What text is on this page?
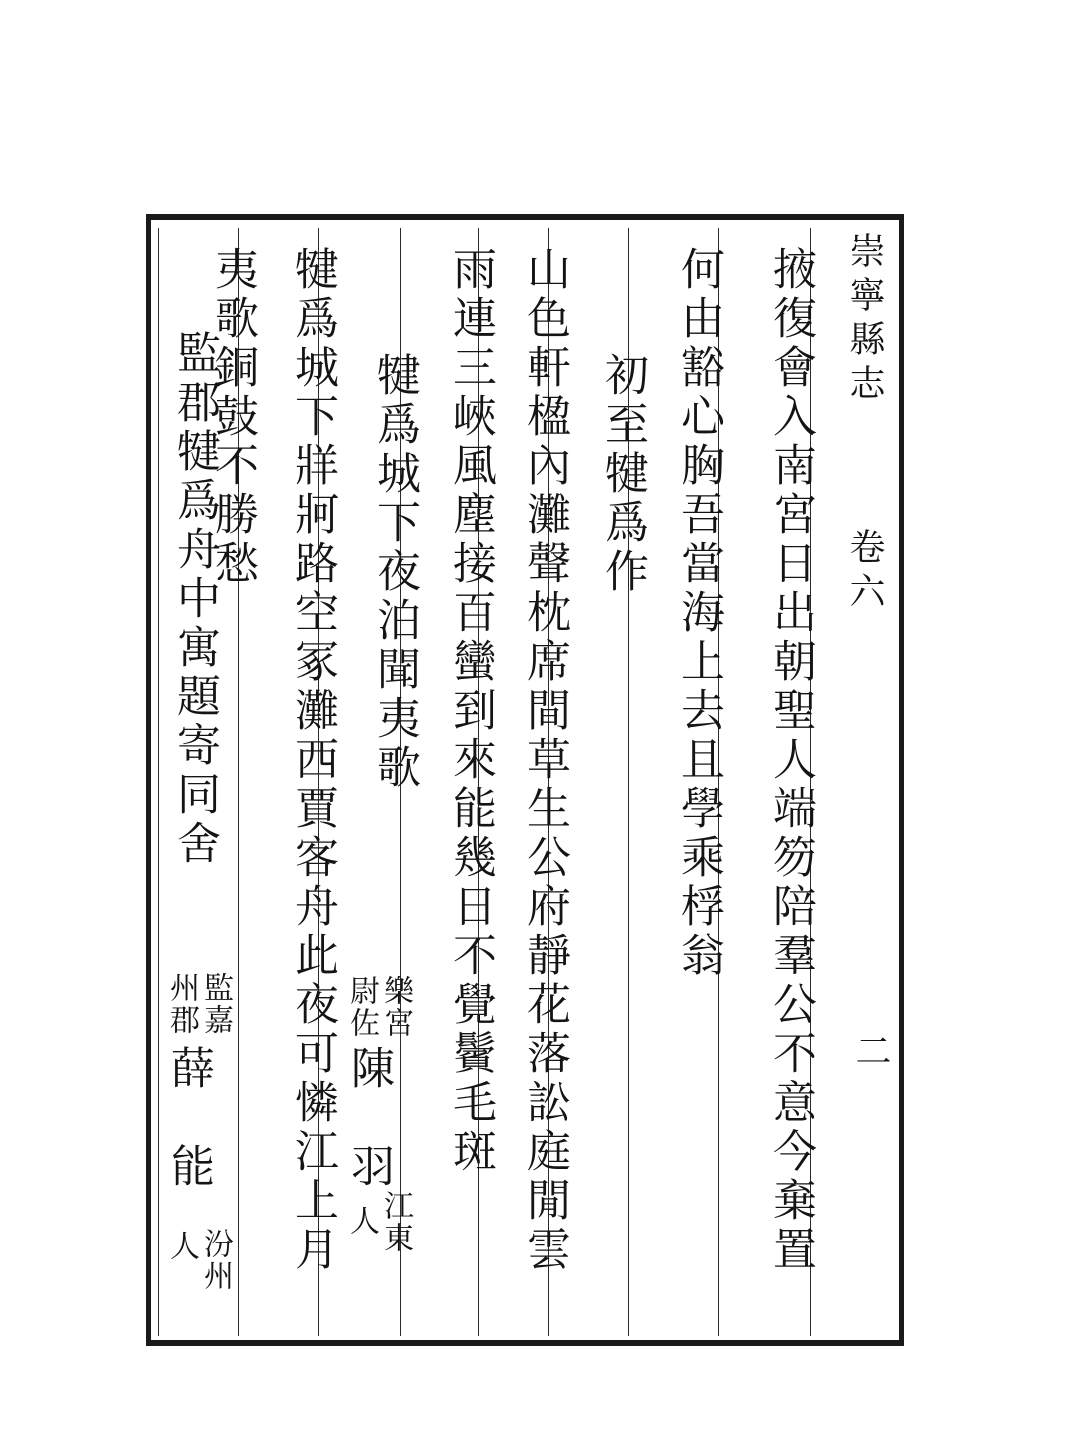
崇寧縣志
卷六
二
掖復會入南宮日出朝聖人端笏陪羣公不意今棄置
何由豁心胸吾當海上去且學乘桴翁
初至犍爲作
山色軒楹內灘聲枕席間草生公府靜花落訟庭閒雲
雨連三峽風塵接百蠻到來能幾日不覺鬢毛斑
犍爲城下夜泊聞夷歌
樂宮
尉佐
陳　羽
江東
人
犍爲城下牂牁路空冢灘西賈客舟此夜可憐江上月
夷歌銅鼓不勝愁
監郡犍爲舟中寓題寄同舍
監嘉
州郡
薛　能
汾州
人
